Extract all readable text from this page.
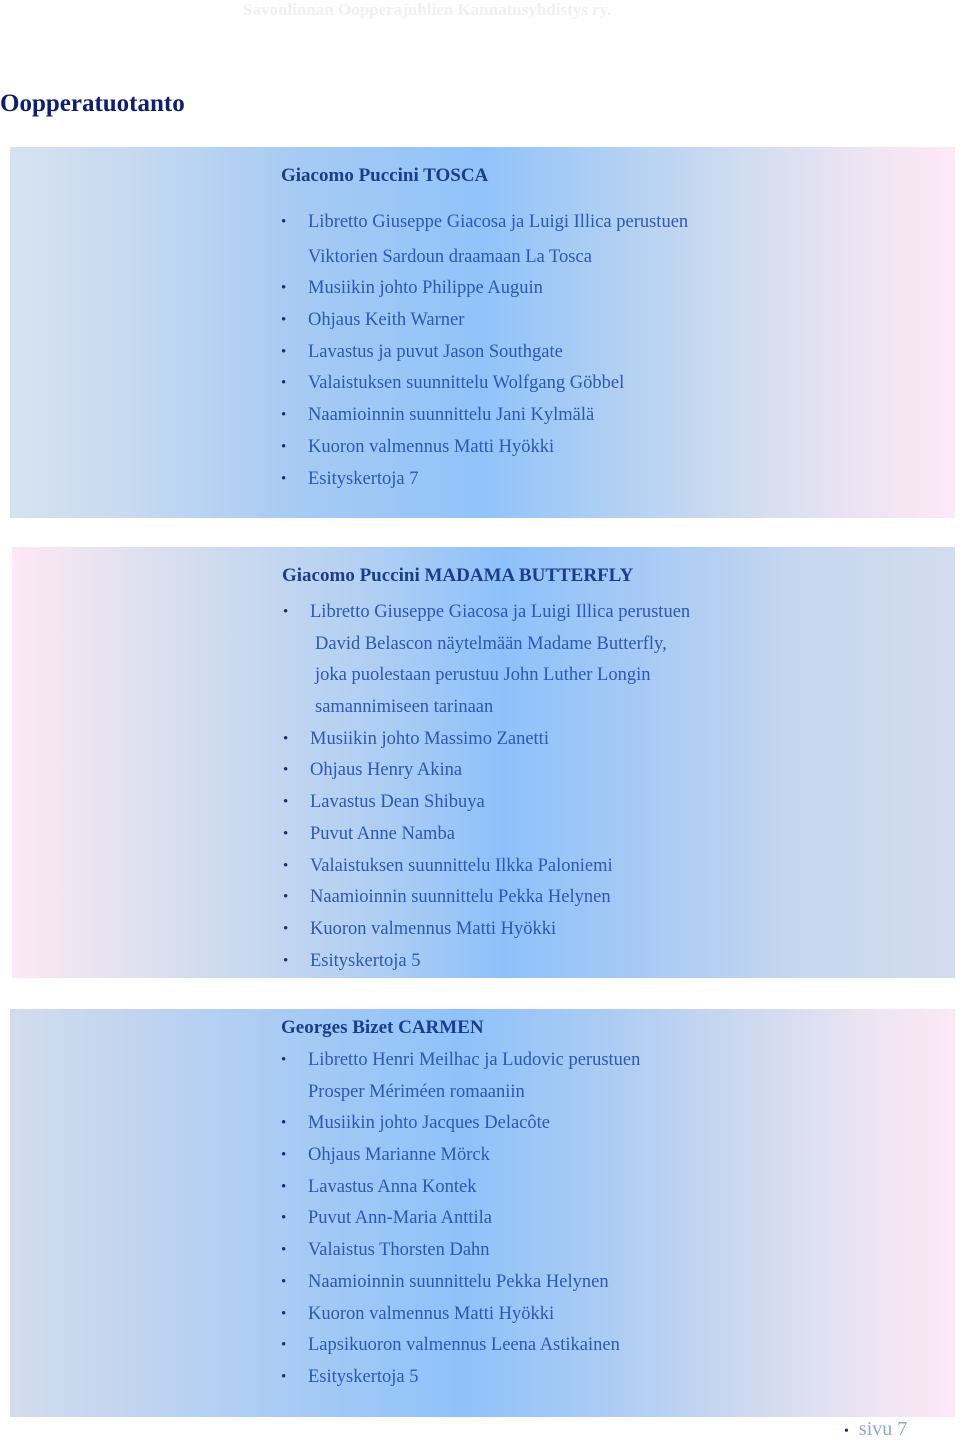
Savonlinnan Oopperajuhlien Kannatusyhdistys ry.
Oopperatuotanto
Giacomo Puccini TOSCA
• Libretto Giuseppe Giacosa ja Luigi Illica perustuen
Viktorien Sardoun draamaan La Tosca
• Musiikin johto Philippe Auguin
• Ohjaus Keith Warner
• Lavastus ja puvut Jason Southgate
• Valaistuksen suunnittelu Wolfgang Göbbel
• Naamioinnin suunnittelu Jani Kylmälä
• Kuoron valmennus Matti Hyökki
• Esityskertoja 7
Giacomo Puccini MADAMA BUTTERFLY
• Libretto Giuseppe Giacosa ja Luigi Illica perustuen
David Belascon näytelmään Madame Butterfly,
joka puolestaan perustuu John Luther Longin
samannimiseen tarinaan
• Musiikin johto Massimo Zanetti
• Ohjaus Henry Akina
• Lavastus Dean Shibuya
• Puvut Anne Namba
• Valaistuksen suunnittelu Ilkka Paloniemi
• Naamioinnin suunnittelu Pekka Helynen
• Kuoron valmennus Matti Hyökki
• Esityskertoja 5
Georges Bizet CARMEN
• Libretto Henri Meilhac ja Ludovic perustuen
Prosper Mériméen romaaniin
• Musiikin johto Jacques Delacôte
• Ohjaus Marianne Mörck
• Lavastus Anna Kontek
• Puvut Ann-Maria Anttila
• Valaistus Thorsten Dahn
• Naamioinnin suunnittelu Pekka Helynen
• Kuoron valmennus Matti Hyökki
• Lapsikuoron valmennus Leena Astikainen
• Esityskertoja 5
• sivu 7
